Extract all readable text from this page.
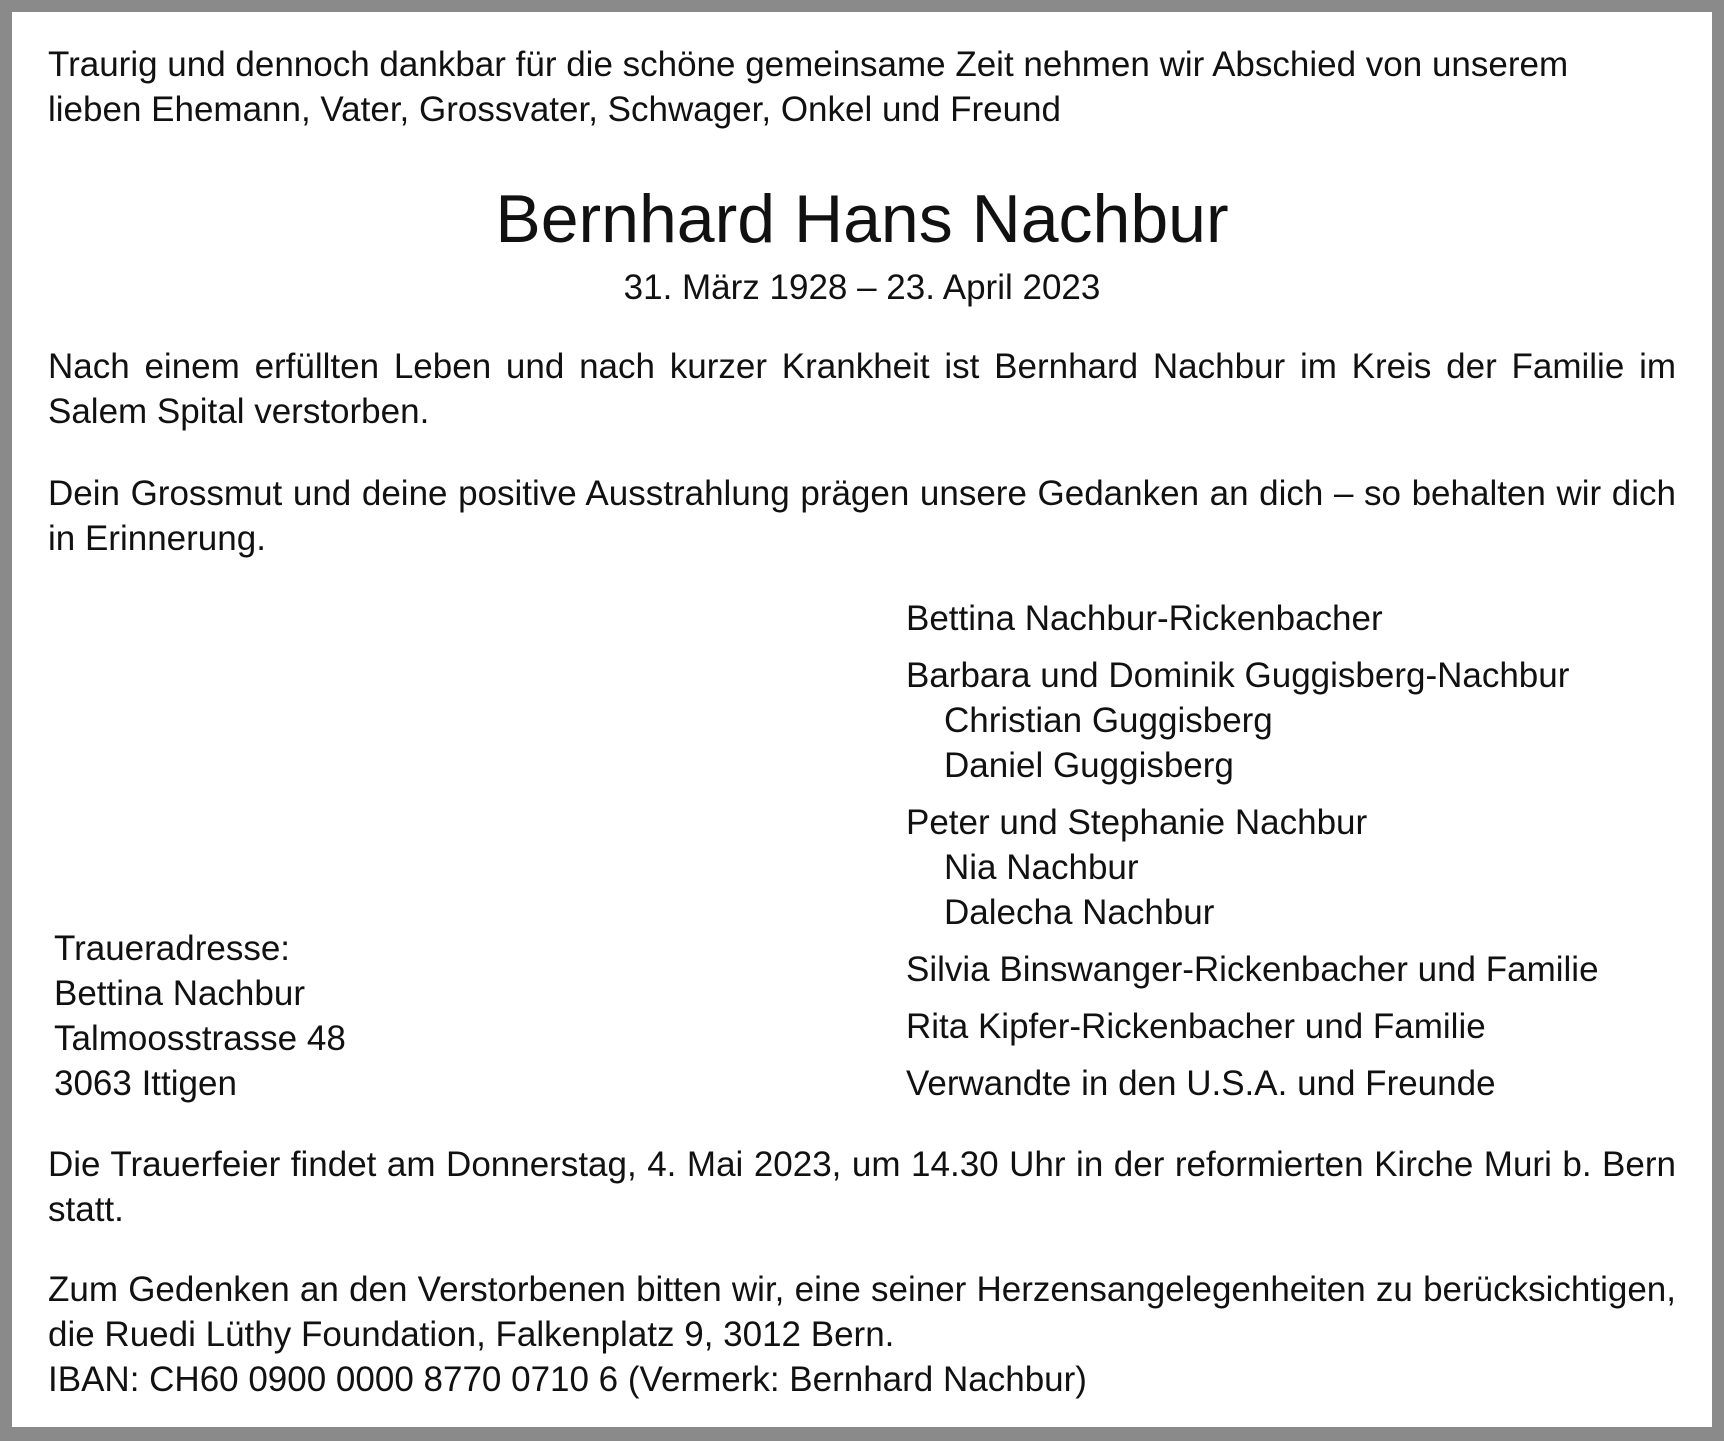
Traurig und dennoch dankbar für die schöne gemeinsame Zeit nehmen wir Abschied von unserem
lieben Ehemann, Vater, Grossvater, Schwager, Onkel und Freund
Bernhard Hans Nachbur
31. März 1928 – 23. April 2023

Nach einem erfüllten Leben und nach kurzer Krankheit ist Bernhard Nachbur im Kreis der Familie im Salem Spital verstorben.

Dein Grossmut und deine positive Ausstrahlung prägen unsere Gedanken an dich – so behalten wir dich in Erinnerung.

Bettina Nachbur-Rickenbacher
Barbara und Dominik Guggisberg-Nachbur
Christian Guggisberg
Daniel Guggisberg
Peter und Stephanie Nachbur
Nia Nachbur
Dalecha Nachbur
Silvia Binswanger-Rickenbacher und Familie
Rita Kipfer-Rickenbacher und Familie
Verwandte in den U.S.A. und Freunde
Traueradresse:
Bettina Nachbur
Talmoosstrasse 48
3063 Ittigen

Die Trauerfeier findet am Donnerstag, 4. Mai 2023, um 14.30 Uhr in der reformierten Kirche Muri b. Bern statt.

Zum Gedenken an den Verstorbenen bitten wir, eine seiner Herzensangelegenheiten zu berücksichtigen, die Ruedi Lüthy Foundation, Falkenplatz 9, 3012 Bern.
IBAN: CH60 0900 0000 8770 0710 6 (Vermerk: Bernhard Nachbur)
